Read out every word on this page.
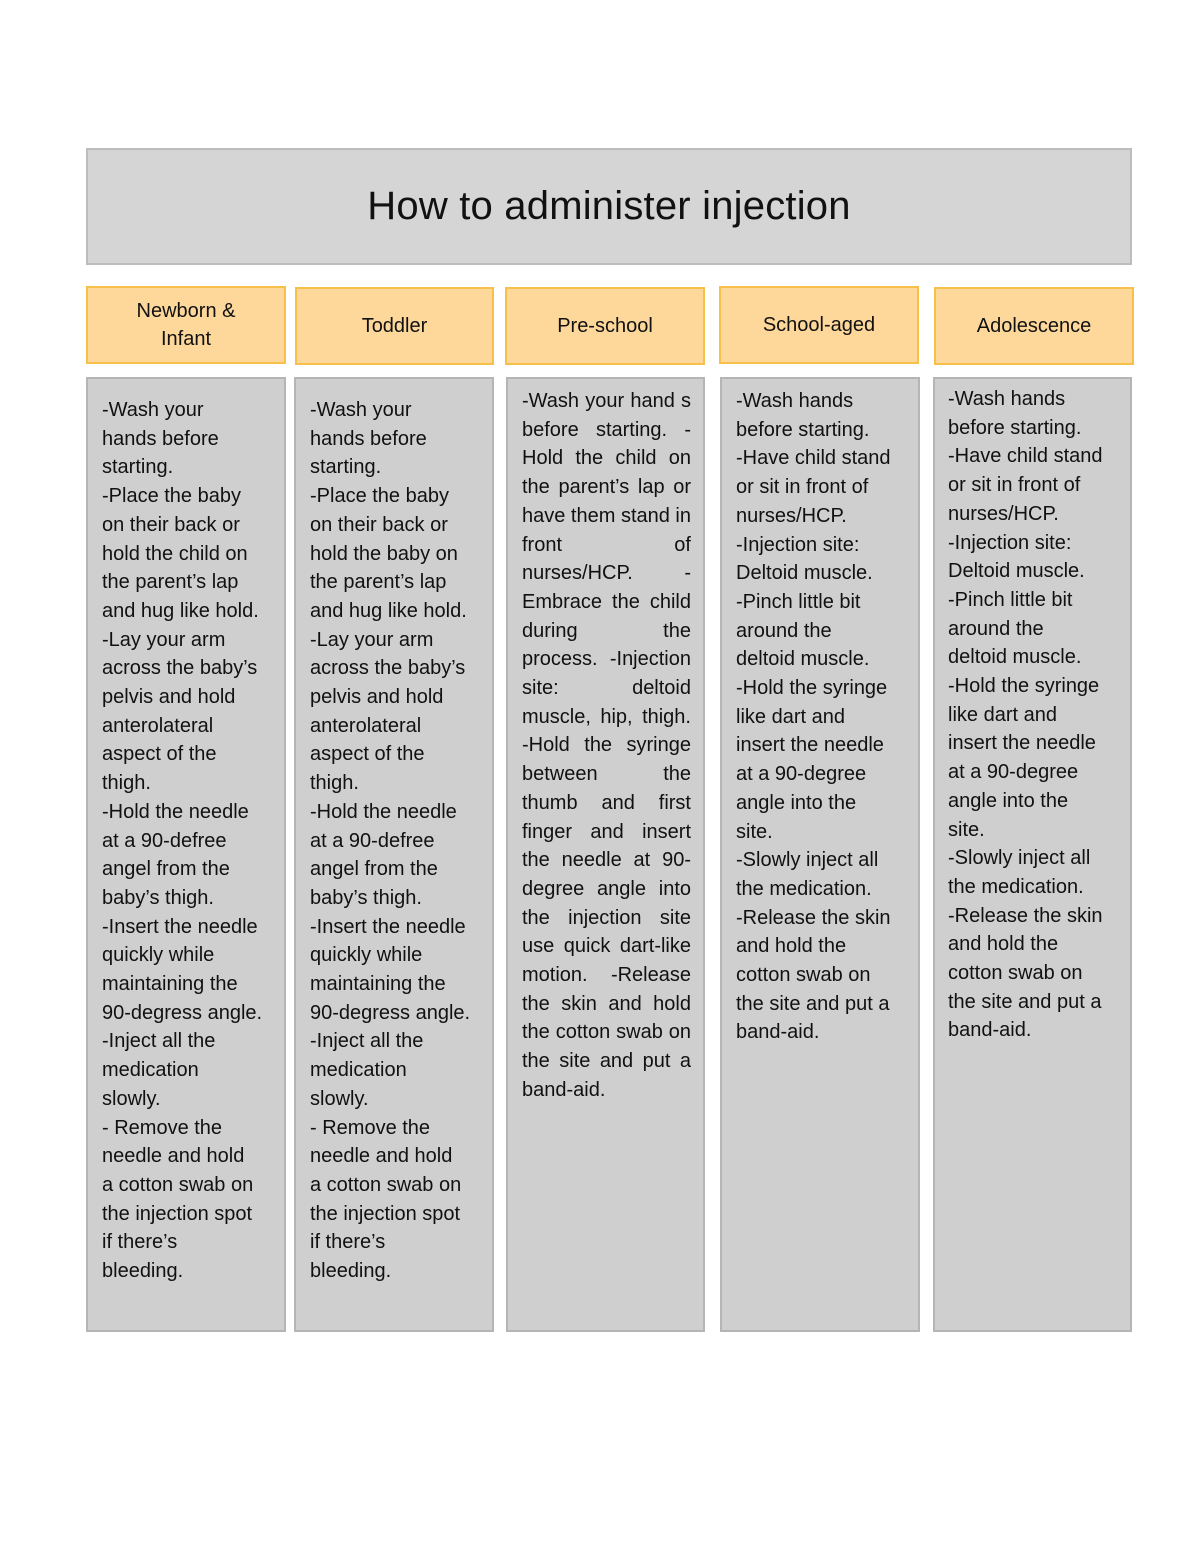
How to administer injection
Newborn &
Infant
-Wash your
hands before
starting.
-Place the baby
on their back or
hold the child on
the parent’s lap
and hug like hold.
-Lay your arm
across the baby’s
pelvis and hold
anterolateral
aspect of the
thigh.
-Hold the needle
at a 90-defree
angel from the
baby’s thigh.
-Insert the needle
quickly while
maintaining the
90-degress angle.
-Inject all the
medication
slowly.
- Remove the
needle and hold
a cotton swab on
the injection spot
if there’s
bleeding.
Toddler
-Wash your
hands before
starting.
-Place the baby
on their back or
hold the baby on
the parent’s lap
and hug like hold.
-Lay your arm
across the baby’s
pelvis and hold
anterolateral
aspect of the
thigh.
-Hold the needle
at a 90-defree
angel from the
baby’s thigh.
-Insert the needle
quickly while
maintaining the
90-degress angle.
-Inject all the
medication
slowly.
- Remove the
needle and hold
a cotton swab on
the injection spot
if there’s
bleeding.
Pre-school
-Wash your hand s before starting. -Hold the child on the parent’s lap or have them stand in front of nurses/HCP. -Embrace the child during the process. -Injection site: deltoid muscle, hip, thigh. -Hold the syringe between the thumb and first finger and insert the needle at 90-degree angle into the injection site use quick dart-like motion. -Release the skin and hold the cotton swab on the site and put a band-aid.
School-aged
-Wash hands
before starting.
-Have child stand
or sit in front of
nurses/HCP.
-Injection site:
Deltoid muscle.
-Pinch little bit
around the
deltoid muscle.
-Hold the syringe
like dart and
insert the needle
at a 90-degree
angle into the
site.
-Slowly inject all
the medication.
-Release the skin
and hold the
cotton swab on
the site and put a
band-aid.
Adolescence
-Wash hands
before starting.
-Have child stand
or sit in front of
nurses/HCP.
-Injection site:
Deltoid muscle.
-Pinch little bit
around the
deltoid muscle.
-Hold the syringe
like dart and
insert the needle
at a 90-degree
angle into the
site.
-Slowly inject all
the medication.
-Release the skin
and hold the
cotton swab on
the site and put a
band-aid.
